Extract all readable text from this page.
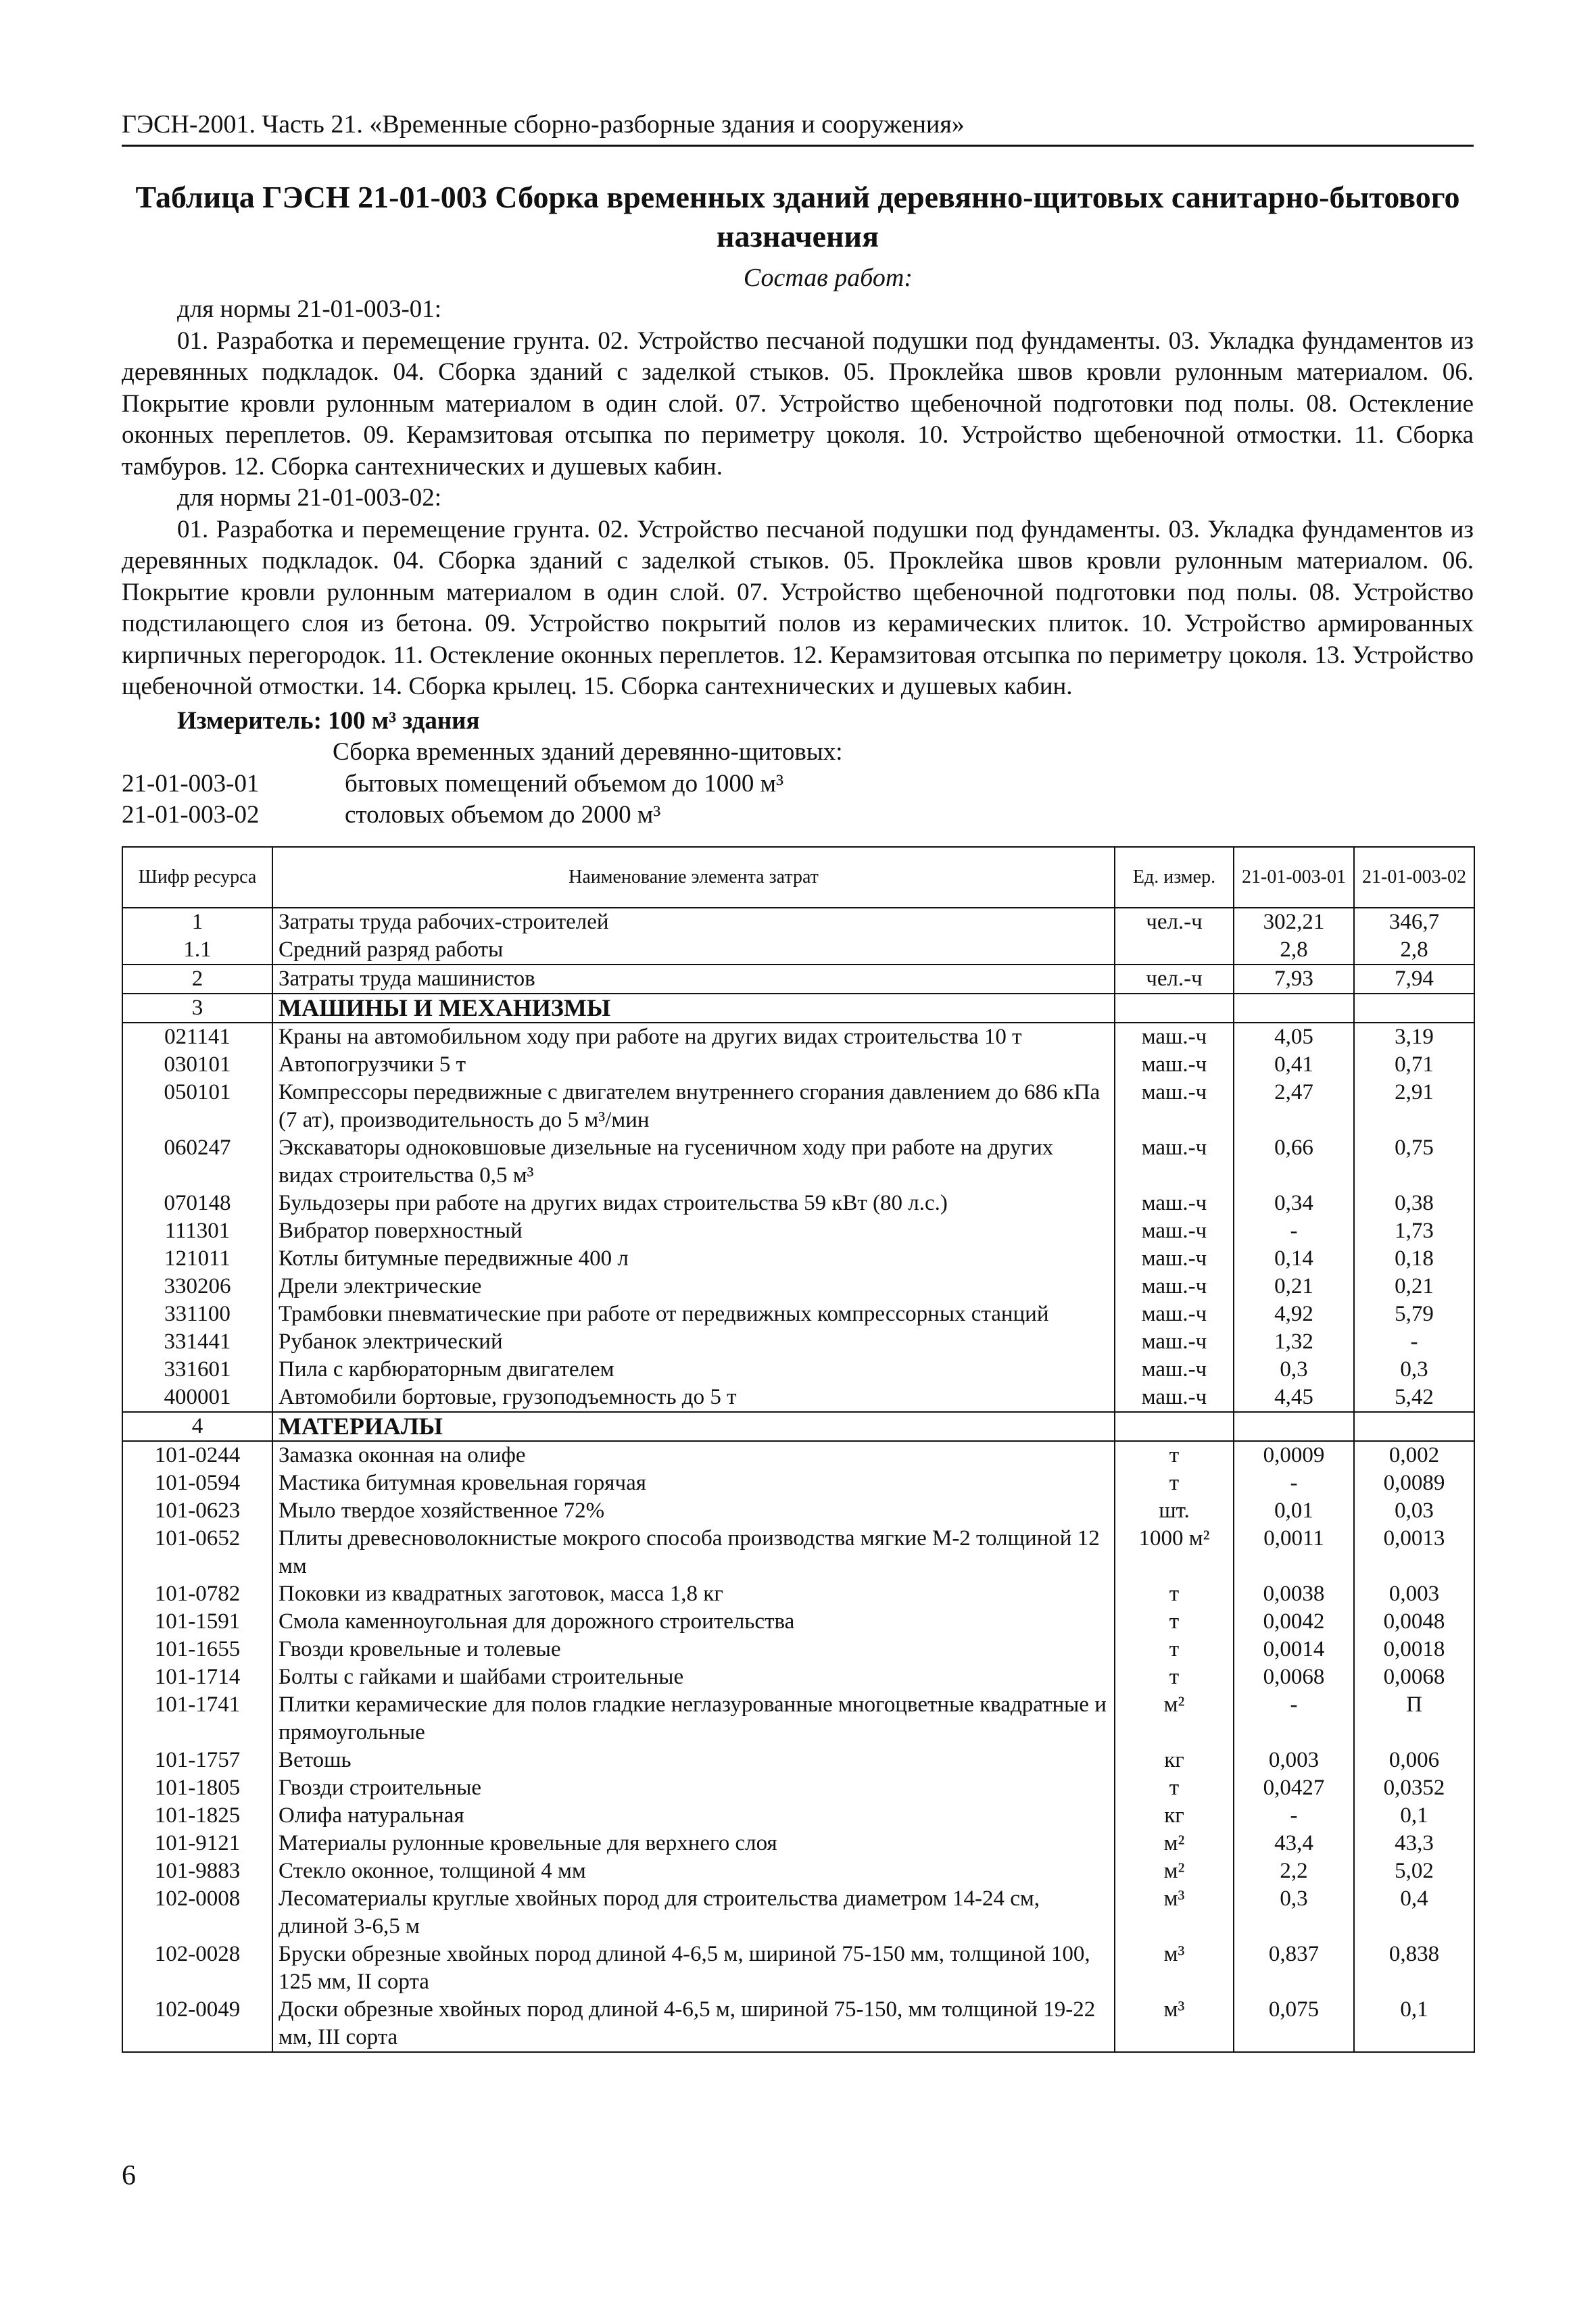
ГЭСН-2001. Часть 21. «Временные сборно-разборные здания и сооружения»
Таблица ГЭСН 21-01-003 Сборка временных зданий деревянно-щитовых санитарно-бытового назначения
Состав работ:
для нормы 21-01-003-01:
01. Разработка и перемещение грунта. 02. Устройство песчаной подушки под фундаменты. 03. Укладка фундаментов из деревянных подкладок. 04. Сборка зданий с заделкой стыков. 05. Проклейка швов кровли рулонным материалом. 06. Покрытие кровли рулонным материалом в один слой. 07. Устройство щебеночной подготовки под полы. 08. Остекление оконных переплетов. 09. Керамзитовая отсыпка по периметру цоколя. 10. Устройство щебеночной отмостки. 11. Сборка тамбуров. 12. Сборка сантехнических и душевых кабин.
для нормы 21-01-003-02:
01. Разработка и перемещение грунта. 02. Устройство песчаной подушки под фундаменты. 03. Укладка фундаментов из деревянных подкладок. 04. Сборка зданий с заделкой стыков. 05. Проклейка швов кровли рулонным материалом. 06. Покрытие кровли рулонным материалом в один слой. 07. Устройство щебеночной подготовки под полы. 08. Устройство подстилающего слоя из бетона. 09. Устройство покрытий полов из керамических плиток. 10. Устройство армированных кирпичных перегородок. 11. Остекление оконных переплетов. 12. Керамзитовая отсыпка по периметру цоколя. 13. Устройство щебеночной отмостки. 14. Сборка крылец. 15. Сборка сантехнических и душевых кабин.
Измеритель: 100 м³ здания
Сборка временных зданий деревянно-щитовых:
21-01-003-01	бытовых помещений объемом до 1000 м³
21-01-003-02	столовых объемом до 2000 м³
Шифр ресурса	Наименование элемента затрат	Ед. измер.	21-01-003-01	21-01-003-02
1	Затраты труда рабочих-строителей	чел.-ч	302,21	346,7
1.1	Средний разряд работы		2,8	2,8
2	Затраты труда машинистов	чел.-ч	7,93	7,94
3	МАШИНЫ И МЕХАНИЗМЫ			
021141	Краны на автомобильном ходу при работе на других видах строительства 10 т	маш.-ч	4,05	3,19
030101	Автопогрузчики 5 т	маш.-ч	0,41	0,71
050101	Компрессоры передвижные с двигателем внутреннего сгорания давлением до 686 кПа (7 ат), производительность до 5 м³/мин	маш.-ч	2,47	2,91
060247	Экскаваторы одноковшовые дизельные на гусеничном ходу при работе на других видах строительства 0,5 м³	маш.-ч	0,66	0,75
070148	Бульдозеры при работе на других видах строительства 59 кВт (80 л.с.)	маш.-ч	0,34	0,38
111301	Вибратор поверхностный	маш.-ч	-	1,73
121011	Котлы битумные передвижные 400 л	маш.-ч	0,14	0,18
330206	Дрели электрические	маш.-ч	0,21	0,21
331100	Трамбовки пневматические при работе от передвижных компрессорных станций	маш.-ч	4,92	5,79
331441	Рубанок электрический	маш.-ч	1,32	-
331601	Пила с карбюраторным двигателем	маш.-ч	0,3	0,3
400001	Автомобили бортовые, грузоподъемность до 5 т	маш.-ч	4,45	5,42
4	МАТЕРИАЛЫ			
101-0244	Замазка оконная на олифе	т	0,0009	0,002
101-0594	Мастика битумная кровельная горячая	т	-	0,0089
101-0623	Мыло твердое хозяйственное 72%	шт.	0,01	0,03
101-0652	Плиты древесноволокнистые мокрого способа производства мягкие М-2 толщиной 12 мм	1000 м²	0,0011	0,0013
101-0782	Поковки из квадратных заготовок, масса 1,8 кг	т	0,0038	0,003
101-1591	Смола каменноугольная для дорожного строительства	т	0,0042	0,0048
101-1655	Гвозди кровельные и толевые	т	0,0014	0,0018
101-1714	Болты с гайками и шайбами строительные	т	0,0068	0,0068
101-1741	Плитки керамические для полов гладкие неглазурованные многоцветные квадратные и прямоугольные	м²	-	П
101-1757	Ветошь	кг	0,003	0,006
101-1805	Гвозди строительные	т	0,0427	0,0352
101-1825	Олифа натуральная	кг	-	0,1
101-9121	Материалы рулонные кровельные для верхнего слоя	м²	43,4	43,3
101-9883	Стекло оконное, толщиной 4 мм	м²	2,2	5,02
102-0008	Лесоматериалы круглые хвойных пород для строительства диаметром 14-24 см, длиной 3-6,5 м	м³	0,3	0,4
102-0028	Бруски обрезные хвойных пород длиной 4-6,5 м, шириной 75-150 мм, толщиной 100, 125 мм, II сорта	м³	0,837	0,838
102-0049	Доски обрезные хвойных пород длиной 4-6,5 м, шириной 75-150, мм толщиной 19-22 мм, III сорта	м³	0,075	0,1
6
